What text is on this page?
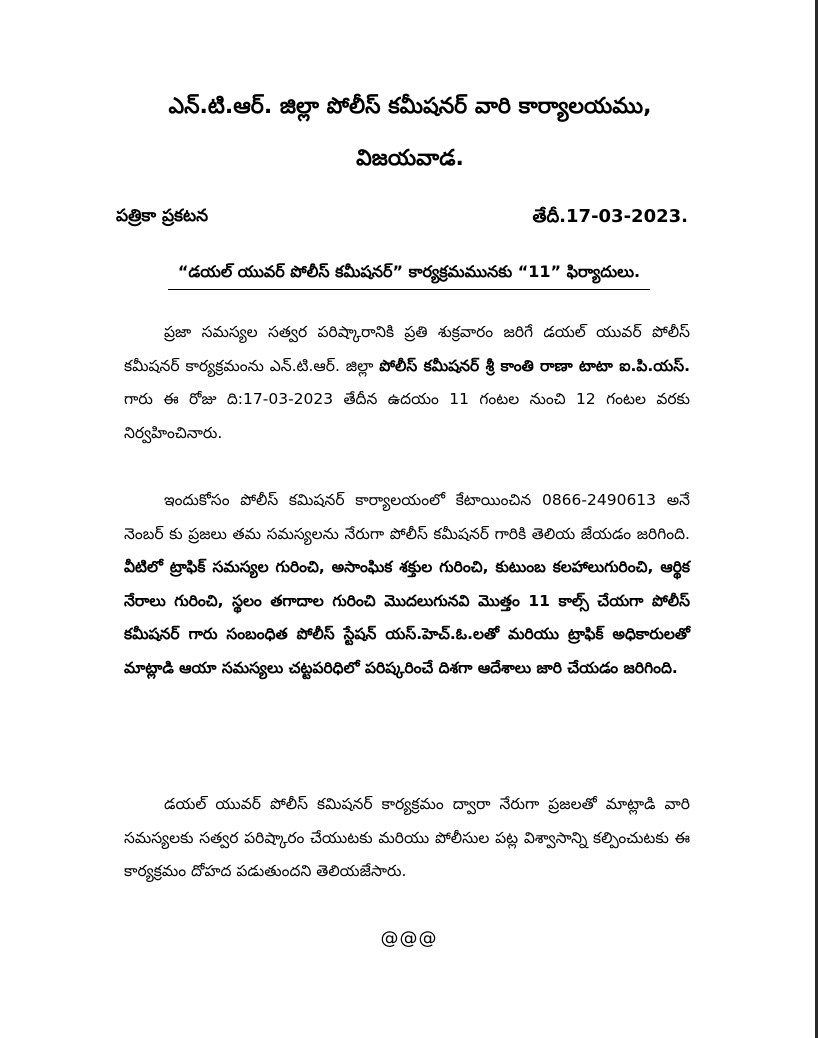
ఎన్.టి.ఆర్. జిల్లా పోలీస్ కమీషనర్ వారి కార్యాలయము,
విజయవాడ.
పత్రికా ప్రకటన	తేదీ.17-03-2023.
“డయల్ యువర్ పోలీస్ కమీషనర్” కార్యక్రమమునకు “11” ఫిర్యాదులు.
ప్రజా సమస్యల సత్వర పరిష్కారానికి ప్రతి శుక్రవారం జరిగే డయల్ యువర్ పోలీస్ కమీషనర్ కార్యక్రమంను ఎన్.టి.ఆర్. జిల్లా పోలీస్ కమీషనర్ శ్రీ కాంతి రాణా టాటా ఐ.పి.యస్. గారు ఈ రోజు ది:17-03-2023 తేదీన ఉదయం 11 గంటల నుంచి 12 గంటల వరకు నిర్వహించినారు.
ఇందుకోసం పోలీస్ కమిషనర్ కార్యాలయంలో కేటాయించిన 0866-2490613 అనే నెంబర్ కు ప్రజలు తమ సమస్యలను నేరుగా పోలీస్ కమీషనర్ గారికి తెలియ జేయడం జరిగింది. వీటిలో ట్రాఫిక్ సమస్యల గురించి, అసాంఘిక శక్తుల గురించి, కుటుంబ కలహాలుగురించి, ఆర్థిక నేరాలు గురించి, స్థలం తగాదాల గురించి మొదలుగునవి మొత్తం 11 కాల్స్ చేయగా పోలీస్ కమీషనర్ గారు సంబంధిత పోలీస్ స్టేషన్ యస్.హెచ్.ఓ.లతో మరియు ట్రాఫిక్ అధికారులతో మాట్లాడి ఆయా సమస్యలు చట్టపరిధిలో పరిష్కరించే దిశగా ఆదేశాలు జారి చేయడం జరిగింది.
డయల్ యువర్ పోలీస్ కమిషనర్ కార్యక్రమం ద్వారా నేరుగా ప్రజలతో మాట్లాడి వారి సమస్యలకు సత్వర పరిష్కారం చేయుటకు మరియు పోలీసుల పట్ల విశ్వాసాన్ని కల్పించుటకు ఈ కార్యక్రమం దోహద పడుతుందని తెలియజేసారు.
@@@
